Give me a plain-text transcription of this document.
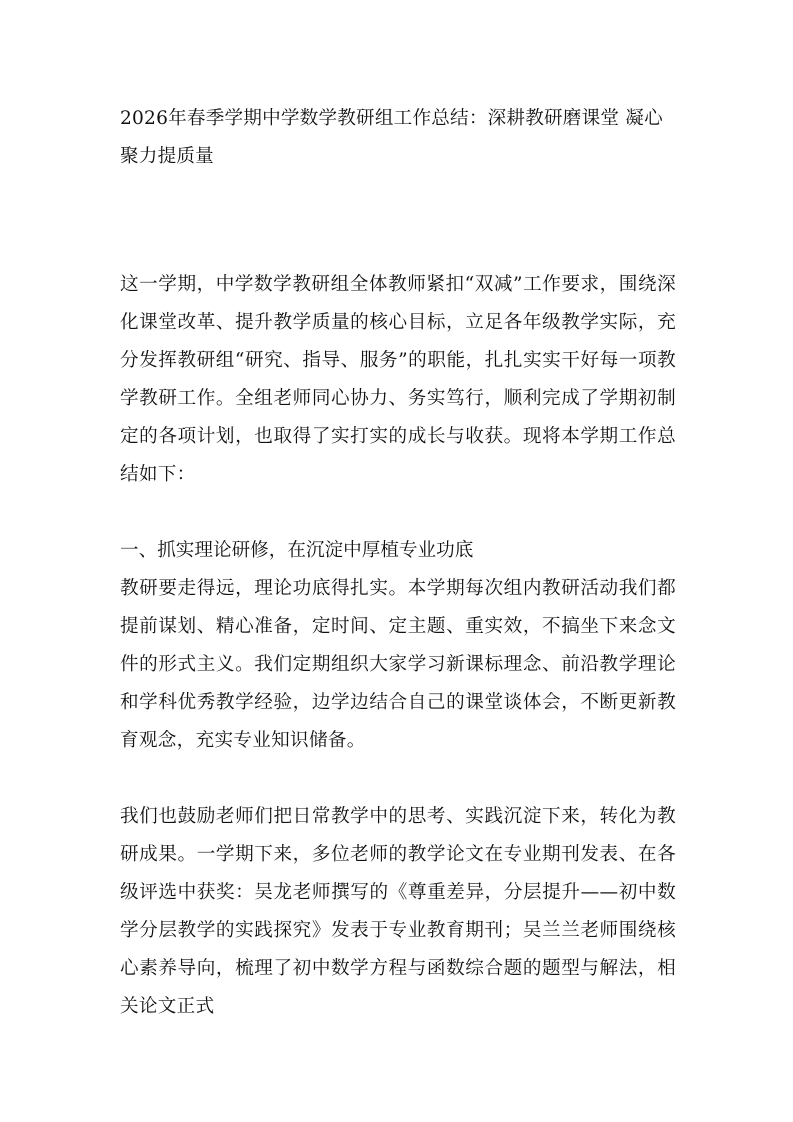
2026年春季学期中学数学教研组工作总结：深耕教研磨课堂 凝心聚力提质量

这一学期，中学数学教研组全体教师紧扣“双减”工作要求，围绕深化课堂改革、提升教学质量的核心目标，立足各年级教学实际，充分发挥教研组“研究、指导、服务”的职能，扎扎实实干好每一项教学教研工作。全组老师同心协力、务实笃行，顺利完成了学期初制定的各项计划，也取得了实打实的成长与收获。现将本学期工作总结如下：

一、抓实理论研修，在沉淀中厚植专业功底

教研要走得远，理论功底得扎实。本学期每次组内教研活动我们都提前谋划、精心准备，定时间、定主题、重实效，不搞坐下来念文件的形式主义。我们定期组织大家学习新课标理念、前沿教学理论和学科优秀教学经验，边学边结合自己的课堂谈体会，不断更新教育观念，充实专业知识储备。

我们也鼓励老师们把日常教学中的思考、实践沉淀下来，转化为教研成果。一学期下来，多位老师的教学论文在专业期刊发表、在各级评选中获奖：吴龙老师撰写的《尊重差异，分层提升——初中数学分层教学的实践探究》发表于专业教育期刊；吴兰兰老师围绕核心素养导向，梳理了初中数学方程与函数综合题的题型与解法，相关论文正式
